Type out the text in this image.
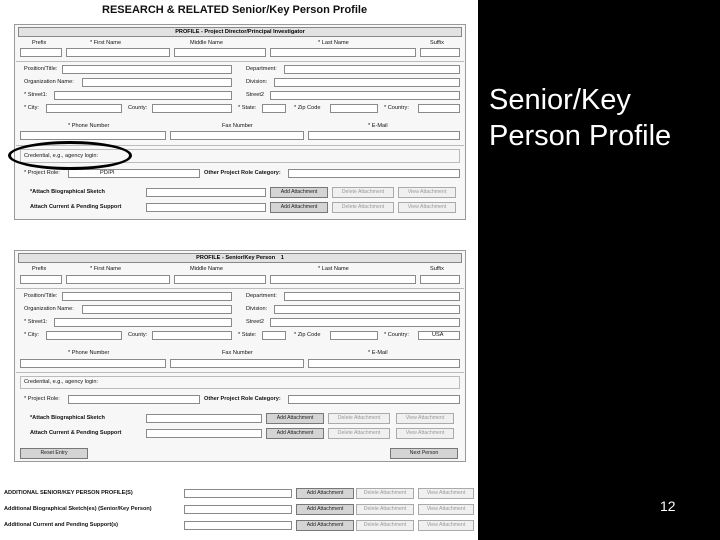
RESEARCH & RELATED Senior/Key Person Profile
PROFILE - Project Director/Principal Investigator
Prefix	* First Name	Middle Name	* Last Name	Suffix
Position/Title:	Department:
Organization Name:	Division:
* Street1:	Street2
* City:	County:	* State:	* Zip Code	* Country:
* Phone Number	Fax Number	* E-Mail
Credential, e.g., agency login:
* Project Role:	PD/PI	Other Project Role Category:
*Attach Biographical Sketch	Add Attachment	Delete Attachment	View Attachment
Attach Current & Pending Support	Add Attachment	Delete Attachment	View Attachment
PROFILE - Senior/Key Person 1
Prefix	* First Name	Middle Name	* Last Name	Suffix
Position/Title:	Department:
Organization Name:	Division:
* Street1:	Street2
* City:	County:	* State:	* Zip Code	* Country:	USA
* Phone Number	Fax Number	* E-Mail
Credential, e.g., agency login:
* Project Role:	Other Project Role Category:
*Attach Biographical Sketch	Add Attachment	Delete Attachment	View Attachment
Attach Current & Pending Support	Add Attachment	Delete Attachment	View Attachment
Reset Entry	Next Person
ADDITIONAL SENIOR/KEY PERSON PROFILE(S)	Add Attachment	Delete Attachment	View Attachment
Additional Biographical Sketch(es) (Senior/Key Person)	Add Attachment	Delete Attachment	View Attachment
Additional Current and Pending Support(s)	Add Attachment	Delete Attachment	View Attachment
Senior/Key Person Profile
12
